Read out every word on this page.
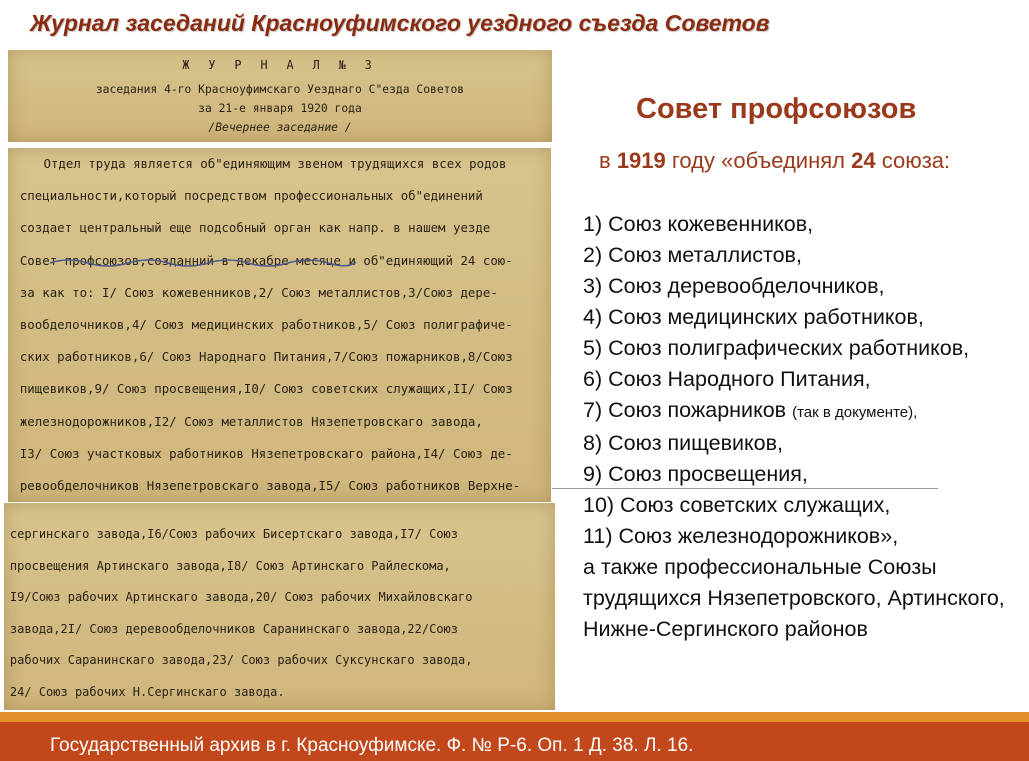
Журнал заседаний Красноуфимского уездного съезда Советов
Ж У Р Н А Л № 3
заседания 4-го Красноуфимскаго Уезднаго С"езда Советов
за 21-е января 1920 года
/Вечернее заседание /
Отдел труда является об"единяющим звеном трудящихся всех родов
специальности,который посредством профессиональных об"единений
создает центральный еще подсобный орган как напр. в нашем уезде
Совет профсоюзов,созданний в декабре месяце и об"единяющий 24 сою-
за как то: I/ Союз кожевенников,2/ Союз металлистов,3/Союз дере-
вообделочников,4/ Союз медицинских работников,5/ Союз полиграфиче-
ских работников,6/ Союз Народнаго Питания,7/Союз пожарников,8/Союз
пищевиков,9/ Союз просвещения,I0/ Союз советских служащих,II/ Союз
железнодорожников,I2/ Союз металлистов Нязепетровскаго завода,
I3/ Союз участковых работников Нязепетровскаго района,I4/ Союз де-
ревообделочников Нязепетровскаго завода,I5/ Союз работников Верхне-
сергинскаго завода,I6/Союз рабочих Бисертскаго завода,I7/ Союз
просвещения Артинскаго завода,I8/ Союз Артинскаго Райлескома,
I9/Союз рабочих Артинскаго завода,20/ Союз рабочих Михайловскаго
завода,2I/ Союз деревообделочников Саранинскаго завода,22/Союз
рабочих Саранинскаго завода,23/ Союз рабочих Суксунскаго завода,
24/ Союз рабочих Н.Сергинскаго завода.
Совет профсоюзов
в 1919 году «объединял 24 союза:
1) Союз кожевенников,
2) Союз металлистов,
3) Союз деревообделочников,
4) Союз медицинских работников,
5) Союз полиграфических работников,
6) Союз Народного Питания,
7) Союз пожарников (так в документе),
8) Союз пищевиков,
9) Союз просвещения,
10) Союз советских служащих,
11) Союз железнодорожников»,
а также профессиональные Союзы трудящихся Нязепетровского, Артинского, Нижне-Сергинского районов
Государственный архив в г. Красноуфимске. Ф. № Р-6. Оп. 1 Д. 38. Л. 16.
